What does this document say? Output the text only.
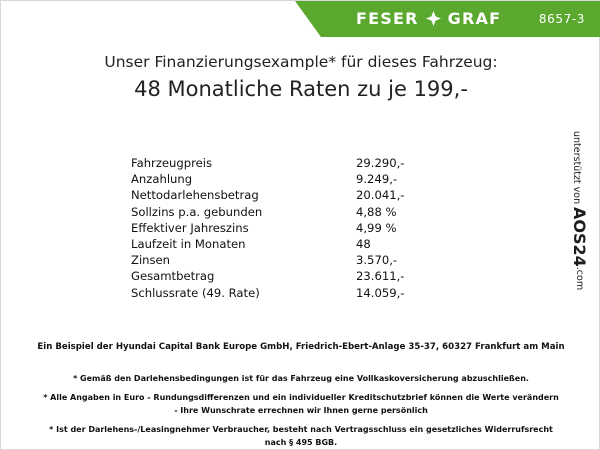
FESER GRAF	8657-3
Unser Finanzierungsexample* für dieses Fahrzeug:
48 Monatliche Raten zu je 199,-
Fahrzeugpreis	29.290,-
Anzahlung	9.249,-
Nettodarlehensbetrag	20.041,-
Sollzins p.a. gebunden	4,88 %
Effektiver Jahreszins	4,99 %
Laufzeit in Monaten	48
Zinsen	3.570,-
Gesamtbetrag	23.611,-
Schlussrate (49. Rate)	14.059,-
Ein Beispiel der Hyundai Capital Bank Europe GmbH, Friedrich-Ebert-Anlage 35-37, 60327 Frankfurt am Main
* Gemäß den Darlehensbedingungen ist für das Fahrzeug eine Vollkaskoversicherung abzuschließen.
* Alle Angaben in Euro - Rundungsdifferenzen und ein individueller Kreditschutzbrief können die Werte verändern
- Ihre Wunschrate errechnen wir Ihnen gerne persönlich
* Ist der Darlehens-/Leasingnehmer Verbraucher, besteht nach Vertragsschluss ein gesetzliches Widerrufsrecht
nach § 495 BGB.
unterstützt von
AOS24.com
